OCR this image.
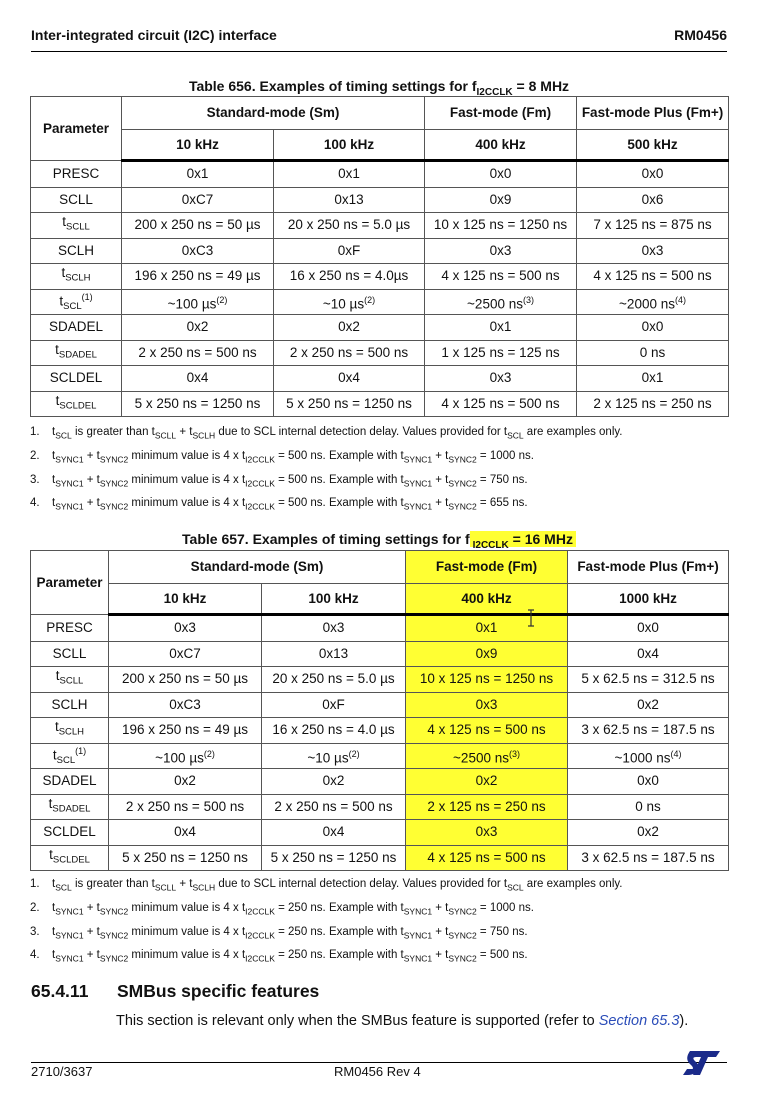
Inter-integrated circuit (I2C) interface	RM0456
Table 656. Examples of timing settings for $f_{I2CCLK} = 8$ MHz
Parameter	Standard-mode (Sm)		Fast-mode (Fm)	Fast-mode Plus (Fm+)
	10 kHz	100 kHz	400 kHz	500 kHz
PRESC	0x1	0x1	0x0	0x0
SCLL	0xC7	0x13	0x9	0x6
$t_{SCLL}$	200 x 250 ns = 50 µs	20 x 250 ns = 5.0 µs	10 x 125 ns = 1250 ns	7 x 125 ns = 875 ns
SCLH	0xC3	0xF	0x3	0x3
$t_{SCLH}$	196 x 250 ns = 49 µs	16 x 250 ns = 4.0µs	4 x 125 ns = 500 ns	4 x 125 ns = 500 ns
$t_{SCL}^{(1)}$	~100 µs$^{(2)}$	~10 µs$^{(2)}$	~2500 $ns^{(3)}$	~2000 $ns^{(4)}$
SDADEL	0x2	0x2	0x1	0x0
$t_{SDADEL}$	2 x 250 ns = 500 ns	2 x 250 ns = 500 ns	1 x 125 ns = 125 ns	0 ns
SCLDEL	0x4	0x4	0x3	0x1
$t_{SCLDEL}$	5 x 250 ns = 1250 ns	5 x 250 ns = 1250 ns	4 x 125 ns = 500 ns	2 x 125 ns = 250 ns
1. $t_{SCL}$ is greater than $t_{SCLL} + t_{SCLH}$ due to SCL internal detection delay. Values provided for $t_{SCL}$ are examples only.
2. $t_{SYNC1} + t_{SYNC2}$ minimum value is 4 x $t_{I2CCLK} = 500$ ns. Example with $t_{SYNC1} + t_{SYNC2} = 1000$ ns.
3. $t_{SYNC1} + t_{SYNC2}$ minimum value is 4 x $t_{I2CCLK} = 500$ ns. Example with $t_{SYNC1} + t_{SYNC2} = 750$ ns.
4. $t_{SYNC1} + t_{SYNC2}$ minimum value is 4 x $t_{I2CCLK} = 500$ ns. Example with $t_{SYNC1} + t_{SYNC2} = 655$ ns.
Table 657. Examples of timing settings for f $_{I2CCLK}$ = 16 MHz
Parameter	Standard-mode (Sm)		Fast-mode (Fm)	Fast-mode Plus (Fm+)
	10 kHz	100 kHz	400 kHz	1000 kHz
PRESC	0x3	0x3	0x1	0x0
SCLL	0xC7	0x13	0x9	0x4
$t_{SCLL}$	200 x 250 ns = 50 µs	20 x 250 ns = 5.0 µs	10 x 125 ns = 1250 ns	5 x 62.5 ns = 312.5 ns
SCLH	0xC3	0xF	0x3	0x2
$t_{SCLH}$	196 x 250 ns = 49 µs	16 x 250 ns = 4.0 µs	4 x 125 ns = 500 ns	3 x 62.5 ns = 187.5 ns
$t_{SCL}^{(1)}$	~100 µs$^{(2)}$	~10 µs$^{(2)}$	~2500 $ns^{(3)}$	~1000 $ns^{(4)}$
SDADEL	0x2	0x2	0x2	0x0
$t_{SDADEL}$	2 x 250 ns = 500 ns	2 x 250 ns = 500 ns	2 x 125 ns = 250 ns	0 ns
SCLDEL	0x4	0x4	0x3	0x2
$t_{SCLDEL}$	5 x 250 ns = 1250 ns	5 x 250 ns = 1250 ns	4 x 125 ns = 500 ns	3 x 62.5 ns = 187.5 ns
1. $t_{SCL}$ is greater than $t_{SCLL} + t_{SCLH}$ due to SCL internal detection delay. Values provided for $t_{SCL}$ are examples only.
2. $t_{SYNC1} + t_{SYNC2}$ minimum value is 4 x $t_{I2CCLK} = 250$ ns. Example with $t_{SYNC1} + t_{SYNC2} = 1000$ ns.
3. $t_{SYNC1} + t_{SYNC2}$ minimum value is 4 x $t_{I2CCLK} = 250$ ns. Example with $t_{SYNC1} + t_{SYNC2} = 750$ ns.
4. $t_{SYNC1} + t_{SYNC2}$ minimum value is 4 x $t_{I2CCLK} = 250$ ns. Example with $t_{SYNC1} + t_{SYNC2} = 500$ ns.
65.4.11 SMBus specific features
This section is relevant only when the SMBus feature is supported (refer to Section 65.3).
2710/3637	RM0456 Rev 4
